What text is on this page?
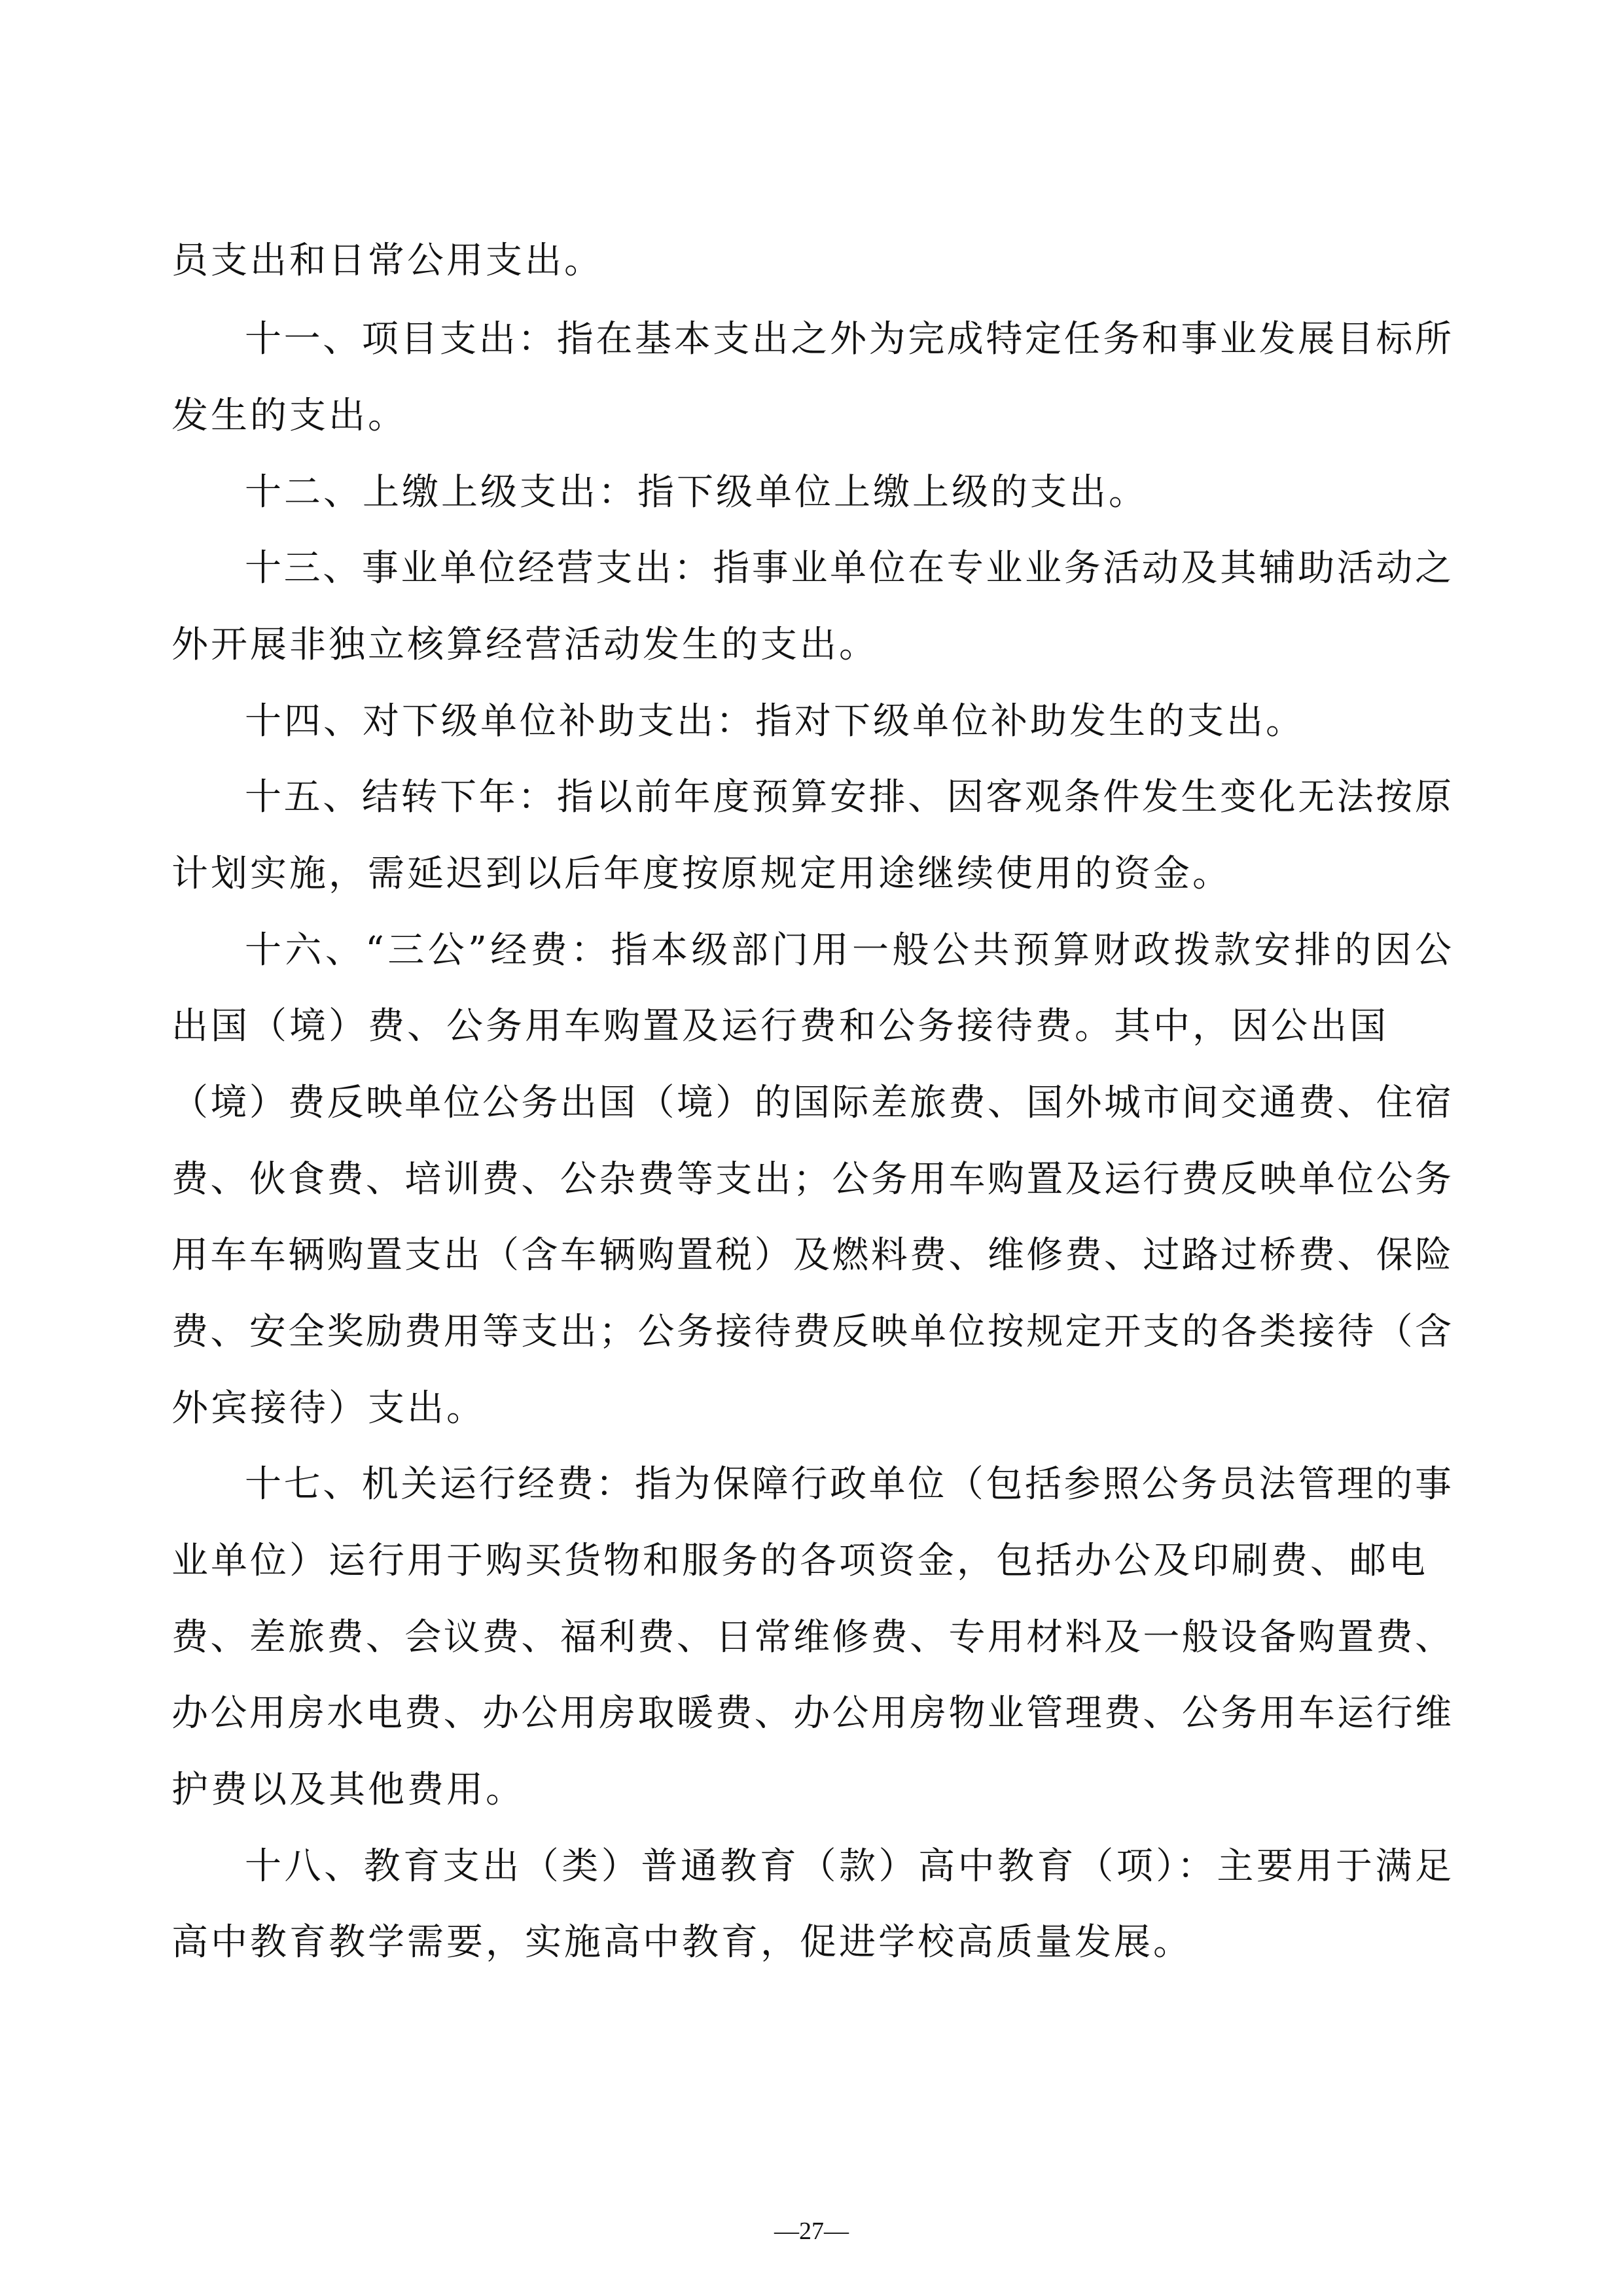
员支出和日常公用支出。
十一、项目支出：指在基本支出之外为完成特定任务和事业发展目标所
发生的支出。
十二、上缴上级支出：指下级单位上缴上级的支出。
十三、事业单位经营支出：指事业单位在专业业务活动及其辅助活动之
外开展非独立核算经营活动发生的支出。
十四、对下级单位补助支出：指对下级单位补助发生的支出。
十五、结转下年：指以前年度预算安排、因客观条件发生变化无法按原
计划实施，需延迟到以后年度按原规定用途继续使用的资金。
十六、“三公”经费：指本级部门用一般公共预算财政拨款安排的因公
出国（境）费、公务用车购置及运行费和公务接待费。其中，因公出国
（境）费反映单位公务出国（境）的国际差旅费、国外城市间交通费、住宿
费、伙食费、培训费、公杂费等支出；公务用车购置及运行费反映单位公务
用车车辆购置支出（含车辆购置税）及燃料费、维修费、过路过桥费、保险
费、安全奖励费用等支出；公务接待费反映单位按规定开支的各类接待（含
外宾接待）支出。
十七、机关运行经费：指为保障行政单位（包括参照公务员法管理的事
业单位）运行用于购买货物和服务的各项资金，包括办公及印刷费、邮电
费、差旅费、会议费、福利费、日常维修费、专用材料及一般设备购置费、
办公用房水电费、办公用房取暖费、办公用房物业管理费、公务用车运行维
护费以及其他费用。
十八、教育支出（类）普通教育（款）高中教育（项）：主要用于满足
高中教育教学需要，实施高中教育，促进学校高质量发展。
—27—
